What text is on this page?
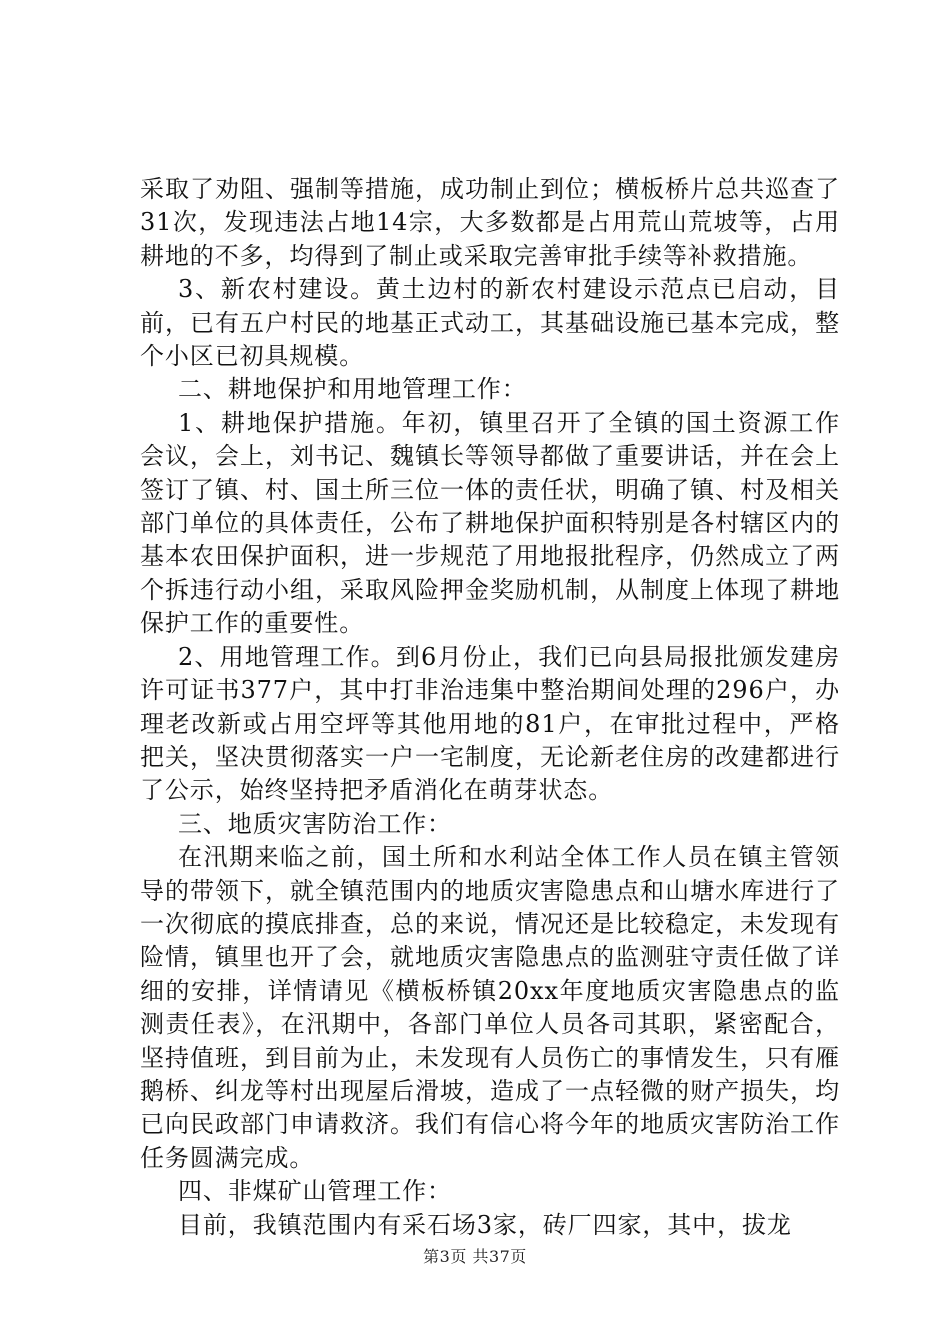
采取了劝阻、强制等措施，成功制止到位；横板桥片总共巡查了31次，发现违法占地14宗，大多数都是占用荒山荒坡等，占用耕地的不多，均得到了制止或采取完善审批手续等补救措施。

3、新农村建设。黄土边村的新农村建设示范点已启动，目前，已有五户村民的地基正式动工，其基础设施已基本完成，整个小区已初具规模。

二、耕地保护和用地管理工作：

1、耕地保护措施。年初，镇里召开了全镇的国土资源工作会议，会上，刘书记、魏镇长等领导都做了重要讲话，并在会上签订了镇、村、国土所三位一体的责任状，明确了镇、村及相关部门单位的具体责任，公布了耕地保护面积特别是各村辖区内的基本农田保护面积，进一步规范了用地报批程序，仍然成立了两个拆违行动小组，采取风险押金奖励机制，从制度上体现了耕地保护工作的重要性。

2、用地管理工作。到6月份止，我们已向县局报批颁发建房许可证书377户，其中打非治违集中整治期间处理的296户，办理老改新或占用空坪等其他用地的81户，在审批过程中，严格把关，坚决贯彻落实一户一宅制度，无论新老住房的改建都进行了公示，始终坚持把矛盾消化在萌芽状态。

三、地质灾害防治工作：

在汛期来临之前，国土所和水利站全体工作人员在镇主管领导的带领下，就全镇范围内的地质灾害隐患点和山塘水库进行了一次彻底的摸底排查，总的来说，情况还是比较稳定，未发现有险情，镇里也开了会，就地质灾害隐患点的监测驻守责任做了详细的安排，详情请见《横板桥镇20xx年度地质灾害隐患点的监测责任表》，在汛期中，各部门单位人员各司其职，紧密配合，坚持值班，到目前为止，未发现有人员伤亡的事情发生，只有雁鹅桥、纠龙等村出现屋后滑坡，造成了一点轻微的财产损失，均已向民政部门申请救济。我们有信心将今年的地质灾害防治工作任务圆满完成。

四、非煤矿山管理工作：

目前，我镇范围内有采石场3家，砖厂四家，其中，拔龙

第3页 共37页
